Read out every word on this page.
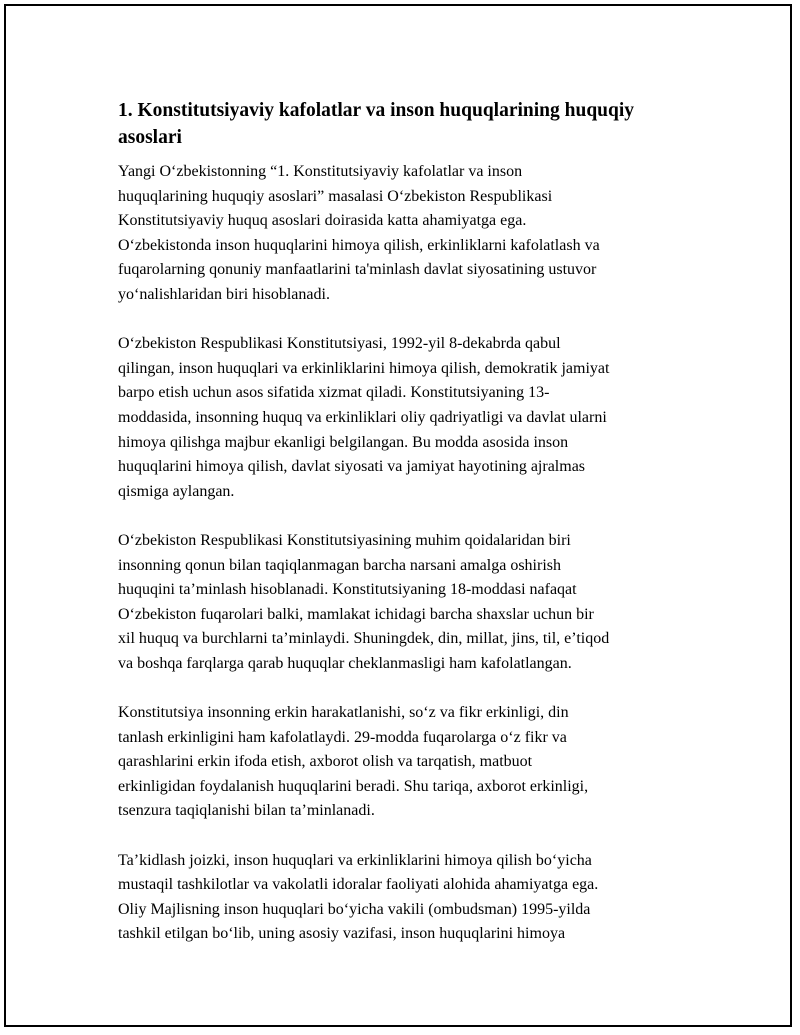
1. Konstitutsiyaviy kafolatlar va inson huquqlarining huquqiy
asoslari

Yangi O‘zbekistonning “1. Konstitutsiyaviy kafolatlar va inson
huquqlarining huquqiy asoslari” masalasi O‘zbekiston Respublikasi
Konstitutsiyaviy huquq asoslari doirasida katta ahamiyatga ega.
O‘zbekistonda inson huquqlarini himoya qilish, erkinliklarni kafolatlash va
fuqarolarning qonuniy manfaatlarini ta'minlash davlat siyosatining ustuvor
yo‘nalishlaridan biri hisoblanadi.

O‘zbekiston Respublikasi Konstitutsiyasi, 1992-yil 8-dekabrda qabul
qilingan, inson huquqlari va erkinliklarini himoya qilish, demokratik jamiyat
barpo etish uchun asos sifatida xizmat qiladi. Konstitutsiyaning 13-
moddasida, insonning huquq va erkinliklari oliy qadriyatligi va davlat ularni
himoya qilishga majbur ekanligi belgilangan. Bu modda asosida inson
huquqlarini himoya qilish, davlat siyosati va jamiyat hayotining ajralmas
qismiga aylangan.

O‘zbekiston Respublikasi Konstitutsiyasining muhim qoidalaridan biri
insonning qonun bilan taqiqlanmagan barcha narsani amalga oshirish
huquqini ta’minlash hisoblanadi. Konstitutsiyaning 18-moddasi nafaqat
O‘zbekiston fuqarolari balki, mamlakat ichidagi barcha shaxslar uchun bir
xil huquq va burchlarni ta’minlaydi. Shuningdek, din, millat, jins, til, e’tiqod
va boshqa farqlarga qarab huquqlar cheklanmasligi ham kafolatlangan.

Konstitutsiya insonning erkin harakatlanishi, so‘z va fikr erkinligi, din
tanlash erkinligini ham kafolatlaydi. 29-modda fuqarolarga o‘z fikr va
qarashlarini erkin ifoda etish, axborot olish va tarqatish, matbuot
erkinligidan foydalanish huquqlarini beradi. Shu tariqa, axborot erkinligi,
tsenzura taqiqlanishi bilan ta’minlanadi.

Ta’kidlash joizki, inson huquqlari va erkinliklarini himoya qilish bo‘yicha
mustaqil tashkilotlar va vakolatli idoralar faoliyati alohida ahamiyatga ega.
Oliy Majlisning inson huquqlari bo‘yicha vakili (ombudsman) 1995-yilda
tashkil etilgan bo‘lib, uning asosiy vazifasi, inson huquqlarini himoya
